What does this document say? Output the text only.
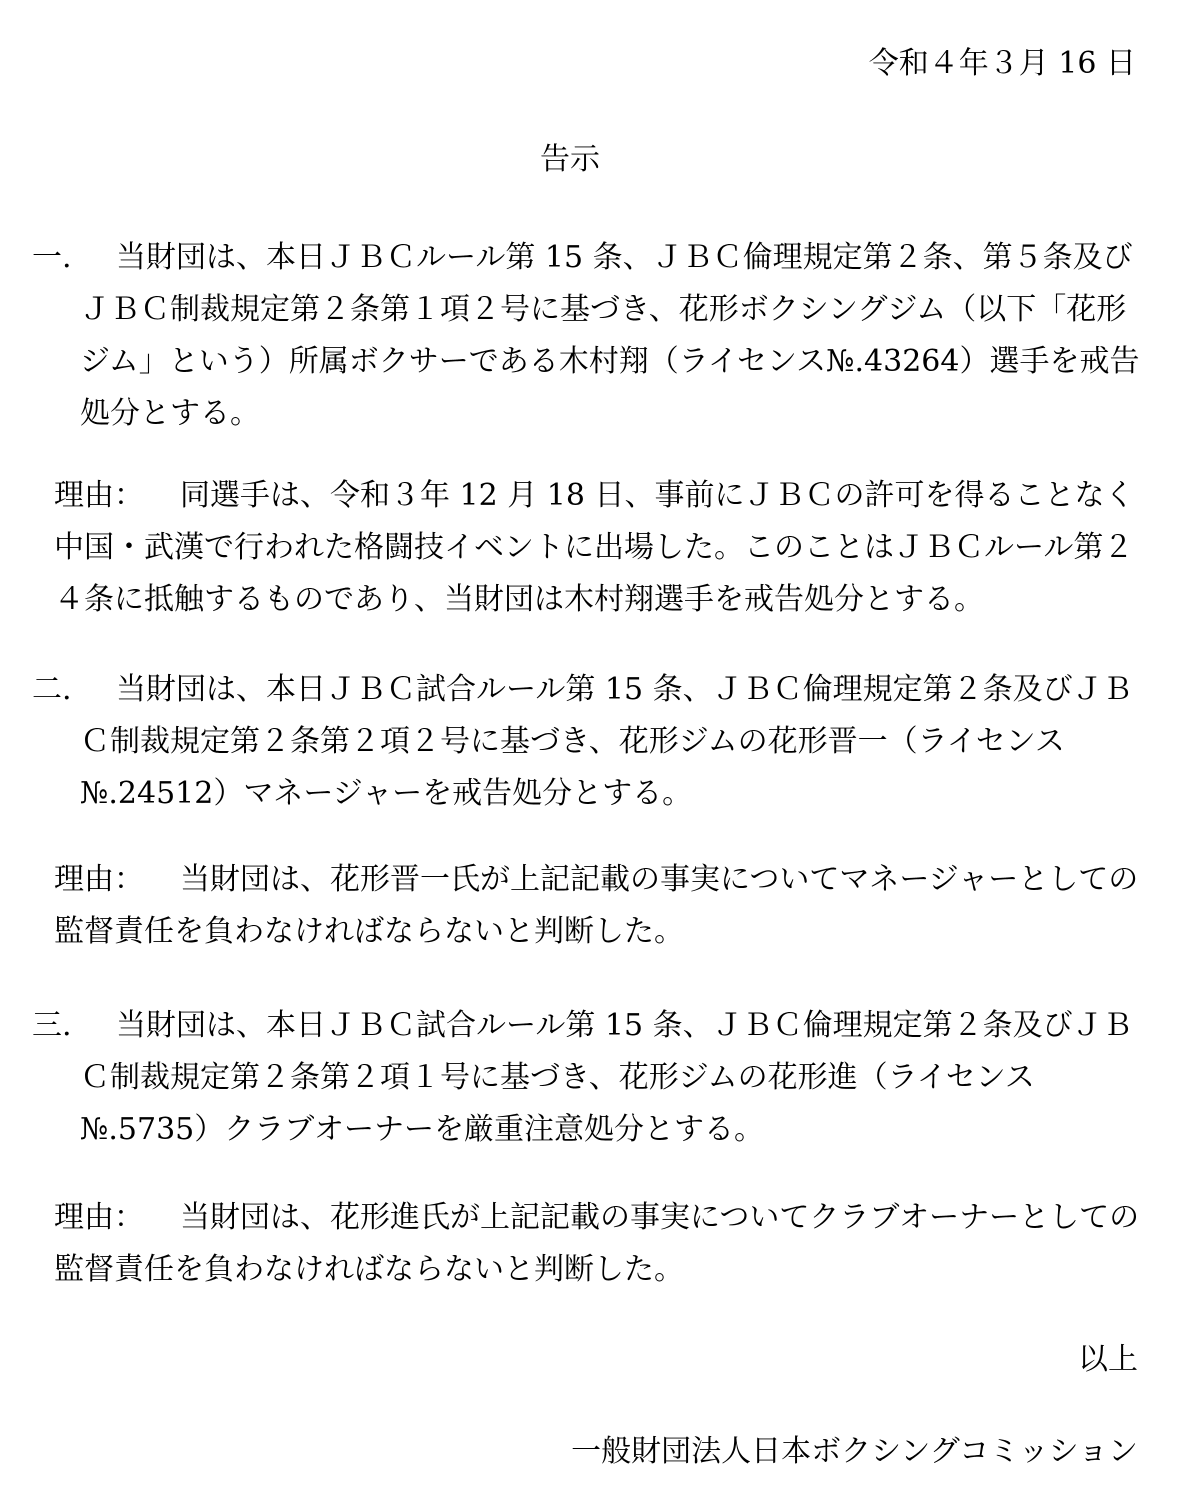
令和４年３月 16 日
告示
一.	当財団は、本日ＪＢＣルール第 15 条、ＪＢＣ倫理規定第２条、第５条及びＪＢＣ制裁規定第２条第１項２号に基づき、花形ボクシングジム（以下「花形ジム」という）所属ボクサーである木村翔（ライセンス№.43264）選手を戒告処分とする。
理由： 同選手は、令和３年 12 月 18 日、事前にＪＢＣの許可を得ることなく中国・武漢で行われた格闘技イベントに出場した。このことはＪＢＣルール第２４条に抵触するものであり、当財団は木村翔選手を戒告処分とする。
二.	当財団は、本日ＪＢＣ試合ルール第 15 条、ＪＢＣ倫理規定第２条及びＪＢＣ制裁規定第２条第２項２号に基づき、花形ジムの花形晋一（ライセンス№.24512）マネージャーを戒告処分とする。
理由： 当財団は、花形晋一氏が上記記載の事実についてマネージャーとしての監督責任を負わなければならないと判断した。
三.	当財団は、本日ＪＢＣ試合ルール第 15 条、ＪＢＣ倫理規定第２条及びＪＢＣ制裁規定第２条第２項１号に基づき、花形ジムの花形進（ライセンス№.5735）クラブオーナーを厳重注意処分とする。
理由： 当財団は、花形進氏が上記記載の事実についてクラブオーナーとしての監督責任を負わなければならないと判断した。
以上
一般財団法人日本ボクシングコミッション
